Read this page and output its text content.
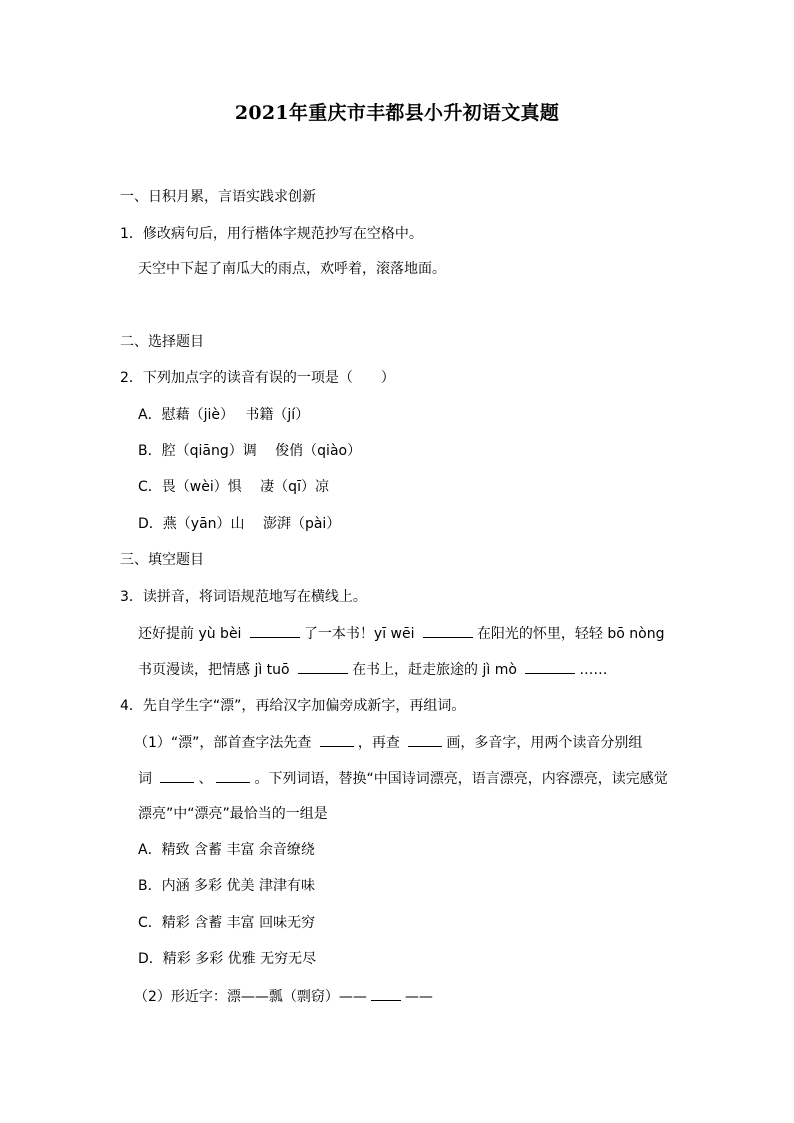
2021年重庆市丰都县小升初语文真题
一、日积月累，言语实践求创新
1．修改病句后，用行楷体字规范抄写在空格中。
天空中下起了南瓜大的雨点，欢呼着，滚落地面。
二、选择题目
2．下列加点字的读音有误的一项是（　　）
A．慰藉（jiè）　 书籍（jí）
B．腔（qiāng）调　 俊俏（qiào）
C．畏（wèi）惧　 凄（qī）凉
D．燕（yān）山　 澎湃（pài）
三、填空题目
3．读拼音，将词语规范地写在横线上。
还好提前 yù bèi	了一本书！yī wēi	在阳光的怀里，轻轻 bō nòng
书页漫读，把情感 jì tuō	在书上，赶走旅途的 jì mò	……
4．先自学生字“漂”，再给汉字加偏旁成新字，再组词。
（1）“漂”，部首查字法先查	，再查	画，多音字，用两个读音分别组
词	、	。下列词语，替换“中国诗词漂亮，语言漂亮，内容漂亮，读完感觉
漂亮”中“漂亮”最恰当的一组是
A．精致 含蓄 丰富 余音缭绕
B．内涵 多彩 优美 津津有味
C．精彩 含蓄 丰富 回味无穷
D．精彩 多彩 优雅 无穷无尽
（2）形近字：漂——瓢（剽窃）——	——
